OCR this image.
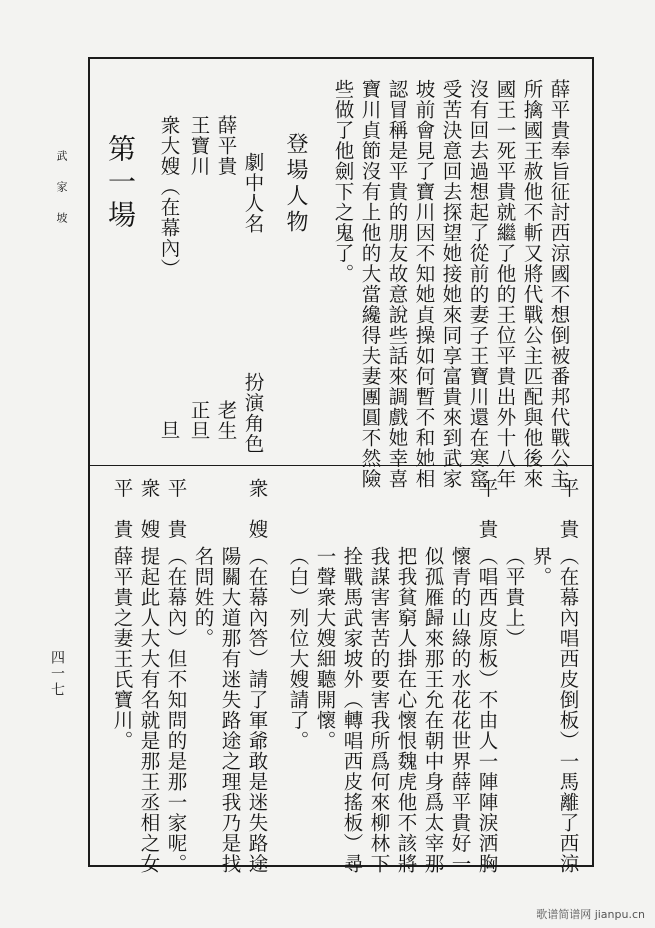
武家坡
四一七
薛平貴奉旨征討西涼國不想倒被番邦代戰公主
所擒國王赦他不斬又將代戰公主匹配與他後來
國王一死平貴就繼了他的王位平貴出外十八年
沒有回去過想起了從前的妻子王寶川還在寒窰
受苦決意回去探望她接她來同享富貴來到武家
坡前會見了寶川因不知她貞操如何暫不和她相
認冒稱是平貴的朋友故意說些話來調戲她幸喜
寶川貞節沒有上他的大當纔得夫妻團圓不然險
些做了他劍下之鬼了。
登場人物
劇中人名
扮演角色
薛平貴
老生
王寶川
正旦
衆大嫂（在幕內）
旦
第一場
平　貴
（在幕內唱西皮倒板）一馬離了西涼
界。
（平貴上）
平　貴
（唱西皮原板）不由人一陣陣淚洒胸
懷青的山綠的水花花世界薛平貴好一
似孤雁歸來那王允在朝中身爲太宰那
把我貧窮人掛在心懷恨魏虎他不該將
我謀害害苦的要害我所爲何來柳林下
拴戰馬武家坡外（轉唱西皮搖板）尋
一聲衆大嫂細聽開懷。
（白）列位大嫂請了。
衆　嫂
（在幕內答）請了軍爺敢是迷失路途
陽關大道那有迷失路途之理我乃是找
名問姓的。
平　貴
（在幕內）但不知問的是那一家呢。
衆　嫂
提起此人大大有名就是那王丞相之女
薛平貴之妻王氏寶川。
平　貴
歌谱简谱网 jianpu.cn
